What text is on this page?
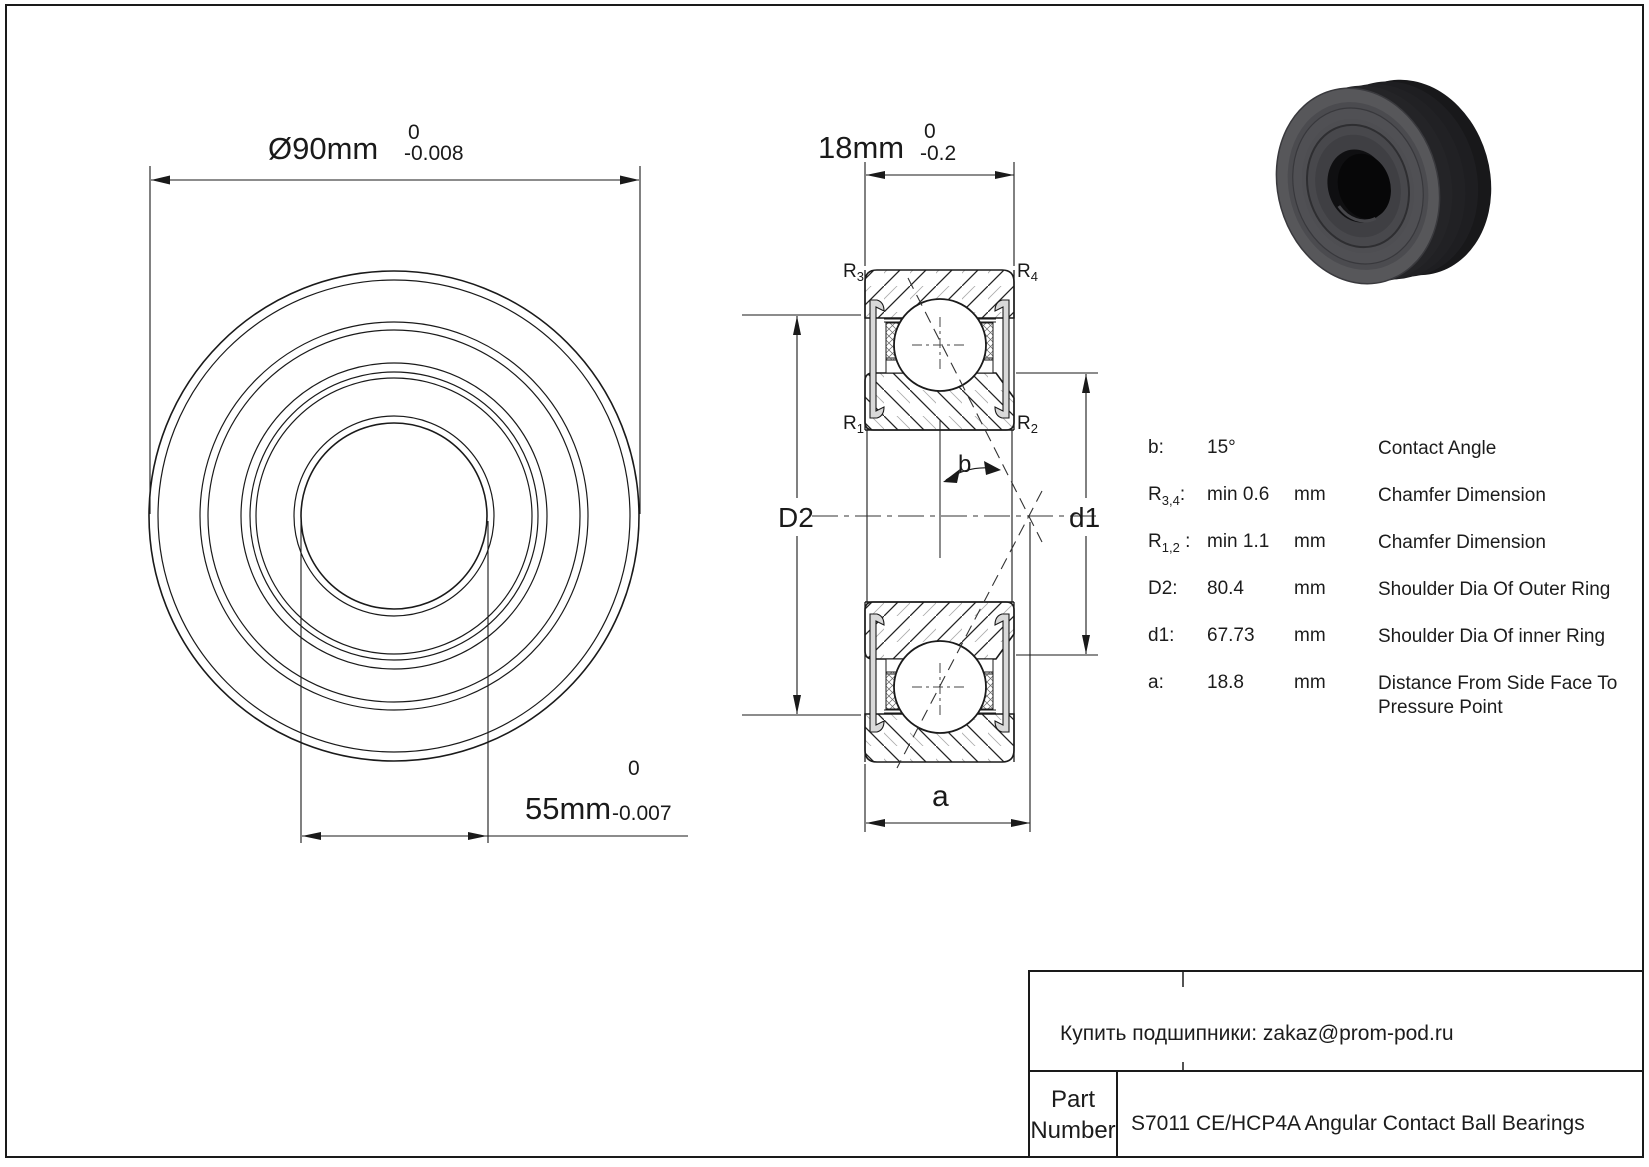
Ø90mm 0
-0.008
55mm
0
-0.007
18mm 0
-0.2
D2	d1
b
a
$R_3$	$R_4$
$R_1$	$R_2$
b:	15°	Contact Angle
$R_{3,4}$:	min 0.6	mm	Chamfer Dimension
$R_{1,2}$ : min 1.1	mm	Chamfer Dimension
D2:	80.4	mm	Shoulder Dia Of Outer Ring
d1:	67.73	mm	Shoulder Dia Of inner Ring
a:	18.8	mm	Distance From Side Face To Pressure Point
Купить подшипники: zakaz@prom-pod.ru
Part
Number S7011 CE/HCP4A Angular Contact Ball Bearings
